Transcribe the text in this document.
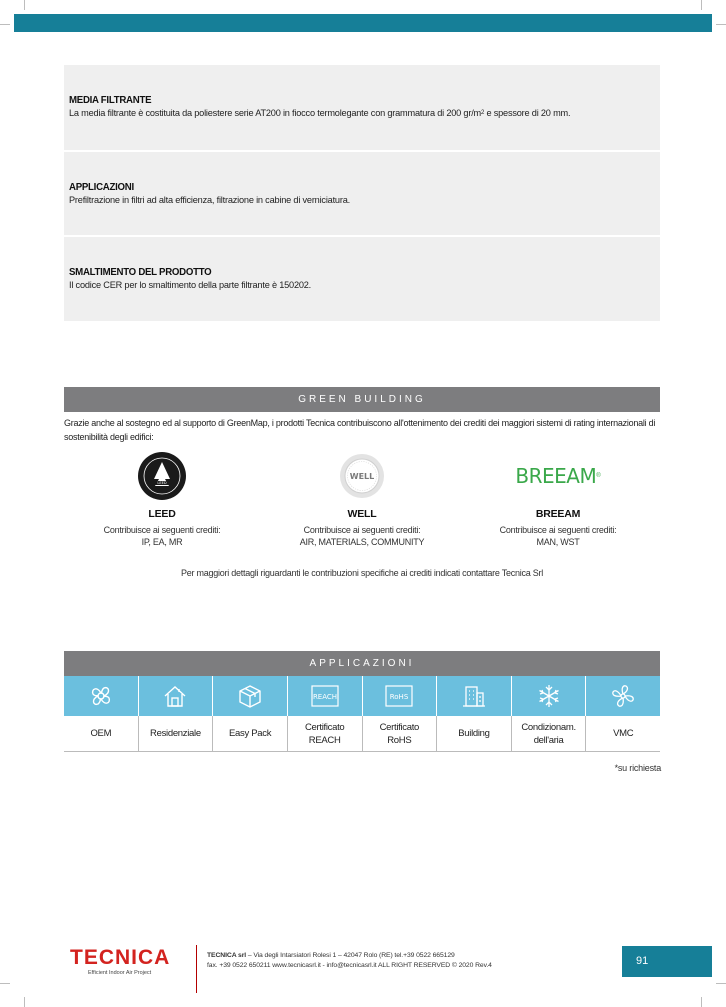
MEDIA FILTRANTE

La media filtrante è costituita da poliestere serie AT200 in fiocco termolegante con grammatura di 200 $gr/m^2$ e spessore di 20 mm.

APPLICAZIONI

Prefiltrazione in filtri ad alta efficienza, filtrazione in cabine di verniciatura.

SMALTIMENTO DEL PRODOTTO

Il codice CER per lo smaltimento della parte filtrante è 150202.

GREEN BUILDING
Grazie anche al sostegno ed al supporto di GreenMap, i prodotti Tecnica contribuiscono all'ottenimento dei crediti dei maggiori sistemi di rating internazionali di sostenibilità degli edifici:
LEED
LEED
Contribuisce ai seguenti crediti:
IP, EA, MR
WELL
WELL
Contribuisce ai seguenti crediti:
AIR, MATERIALS, COMMUNITY
BREEAM ®
BREEAM
Contribuisce ai seguenti crediti:
MAN, WST
Per maggiori dettagli riguardanti le contribuzioni specifiche ai crediti indicati contattare Tecnica Srl
APPLICAZIONI
REACH	RoHS
OEM	Residenziale	Easy Pack
Certificato
REACH
Certificato
RoHS
Building
Condizionam.
dell'aria
VMC
*su richiesta
TECNICA
Efficient Indoor Air Project
TECNICA srl – Via degli Intarsiatori Rolesi 1 – 42047 Rolo (RE) tel.+39 0522 665129
fax. +39 0522 650211 www.tecnicasrl.it - info@tecnicasrl.it ALL RIGHT RESERVED © 2020 Rev.4	91
